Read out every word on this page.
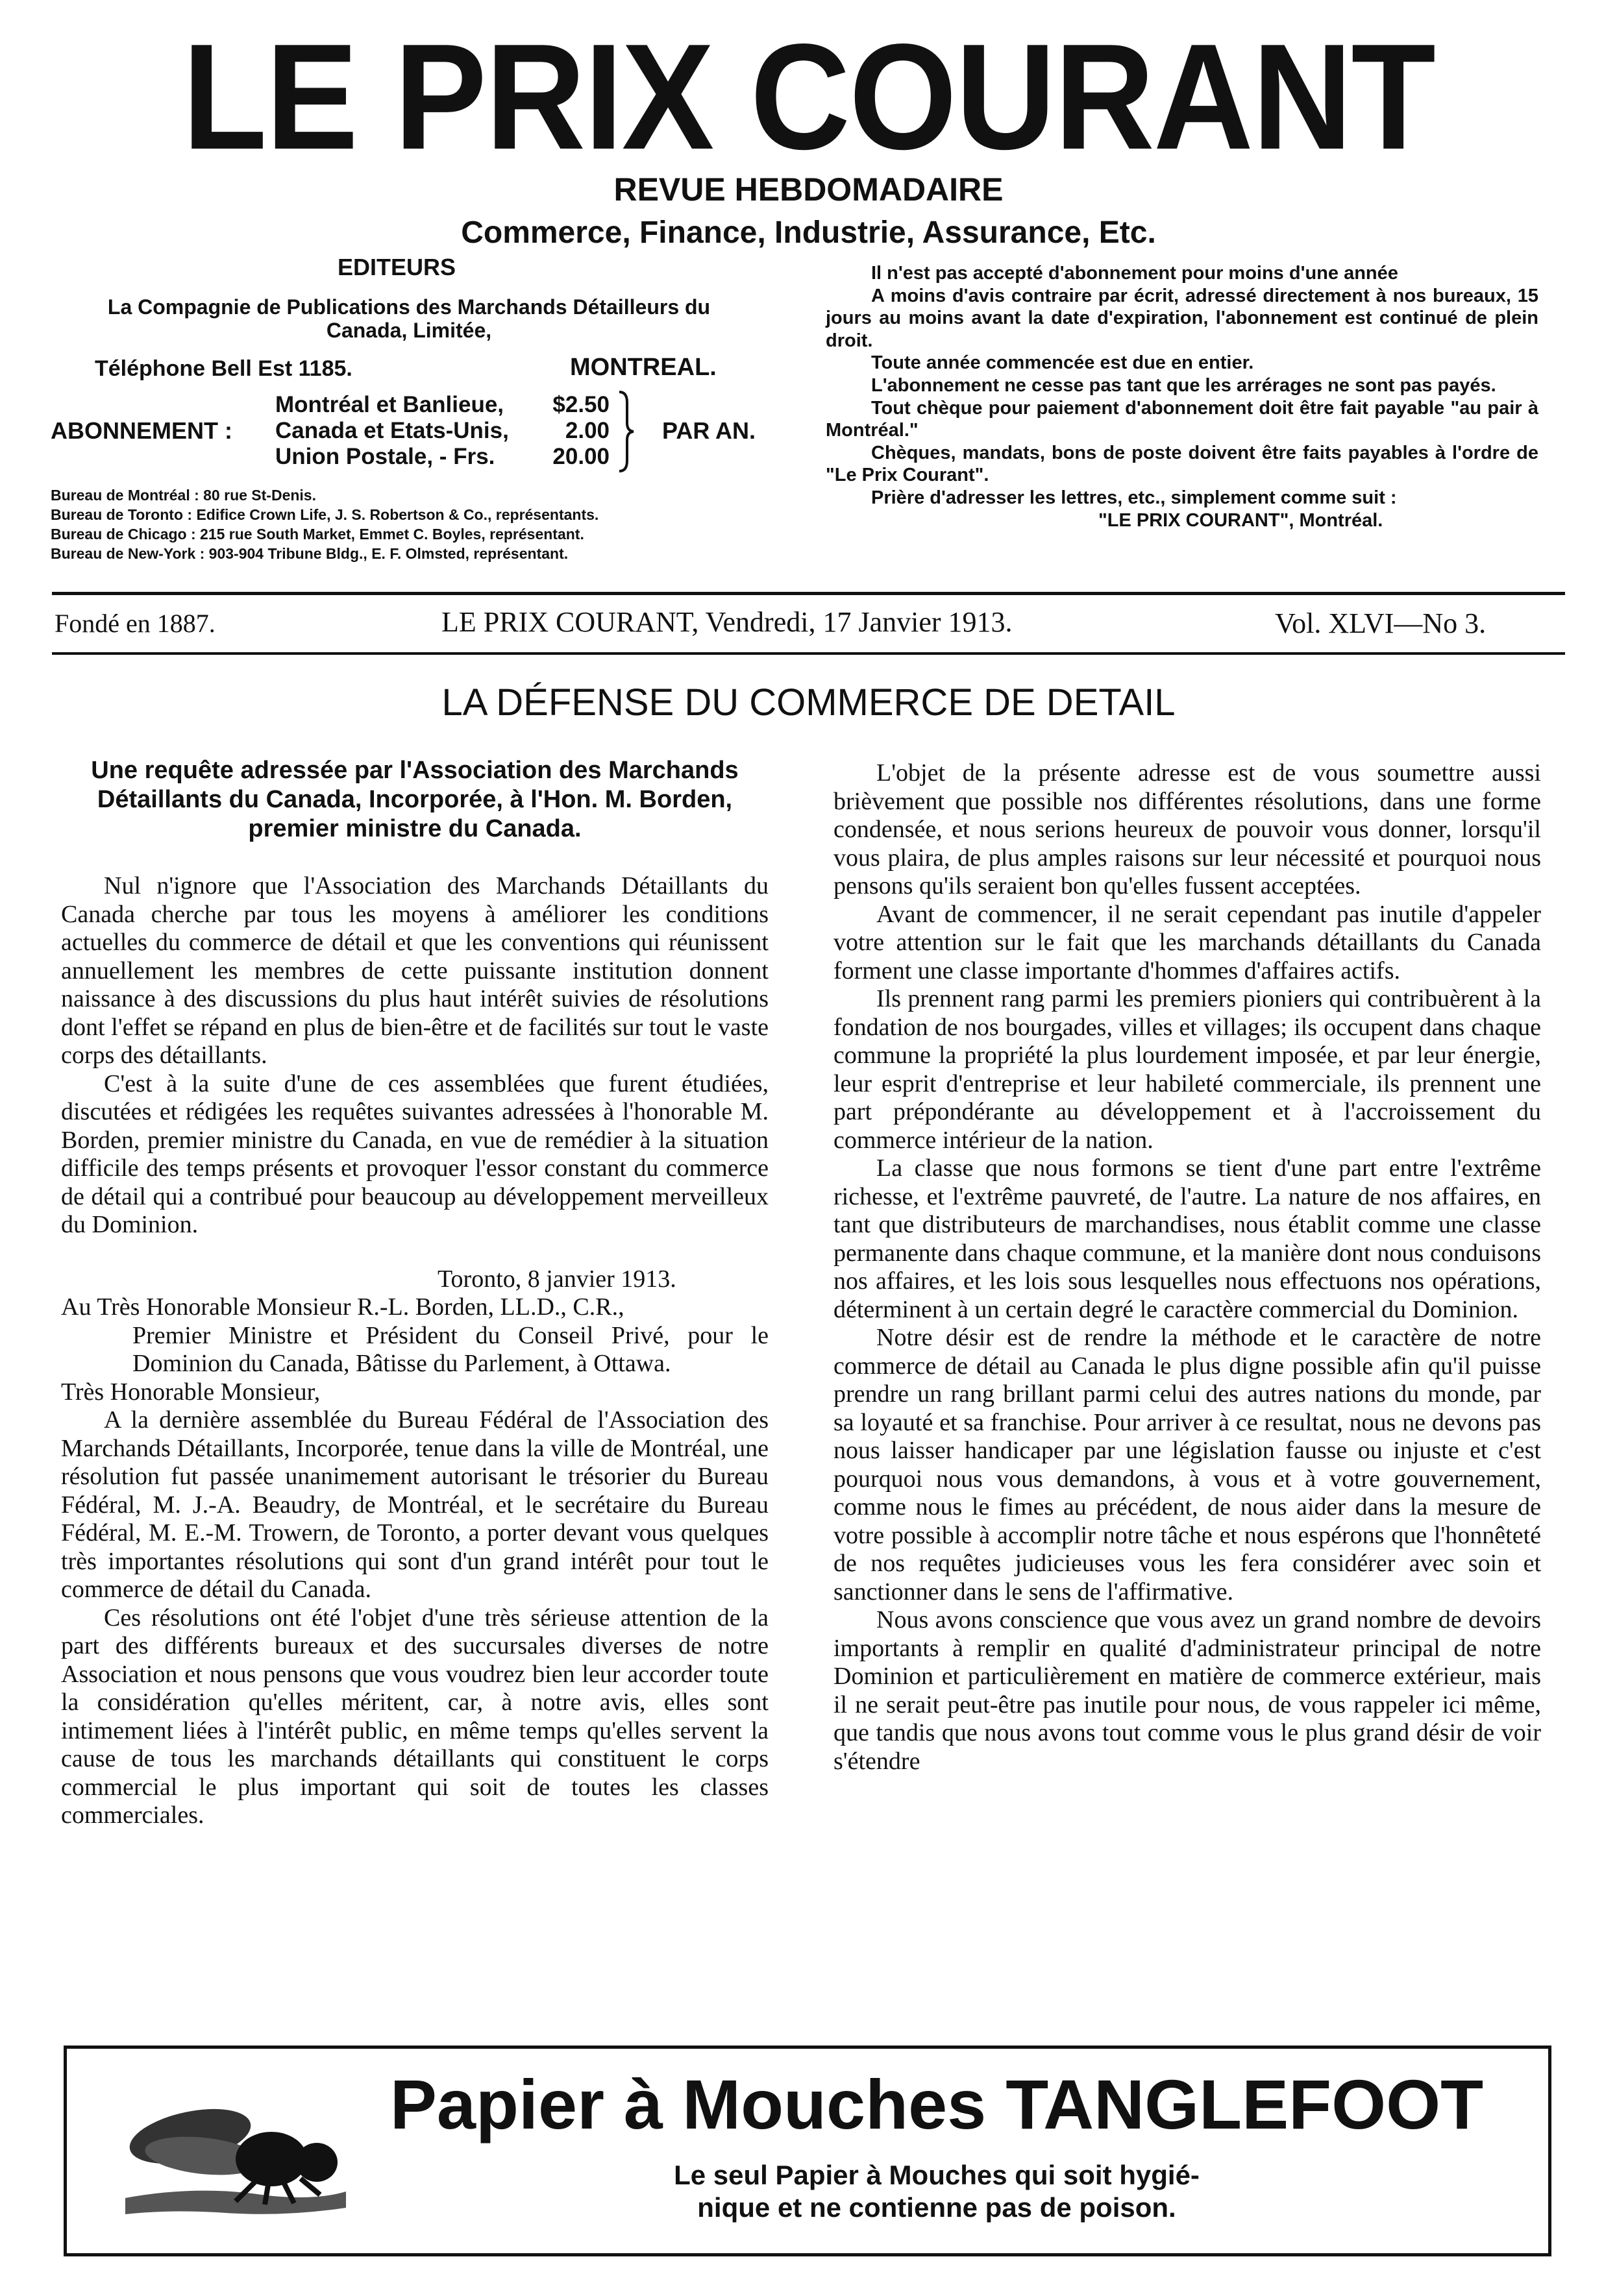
LE PRIX COURANT
REVUE HEBDOMADAIRE
Commerce, Finance, Industrie, Assurance, Etc.
EDITEURS
La Compagnie de Publications des Marchands Détailleurs du
Canada, Limitée,
Téléphone Bell Est 1185.	MONTREAL.
ABONNEMENT :
Montréal et Banlieue, $2.50
Canada et Etats-Unis, 2.00
Union Postale, - Frs.	20.00
PAR AN.
Bureau de Montréal : 80 rue St-Denis.
Bureau de Toronto : Edifice Crown Life, J. S. Robertson & Co., représentants.
Bureau de Chicago : 215 rue South Market, Emmet C. Boyles, représentant.
Bureau de New-York : 903-904 Tribune Bldg., E. F. Olmsted, représentant.
Il n'est pas accepté d'abonnement pour moins d'une année
A moins d'avis contraire par écrit, adressé directement à nos bureaux, 15 jours au moins avant la date d'expiration, l'abonnement est continué de plein droit.
Toute année commencée est due en entier.
L'abonnement ne cesse pas tant que les arrérages ne sont pas payés.
Tout chèque pour paiement d'abonnement doit être fait payable "au pair à Montréal."
Chèques, mandats, bons de poste doivent être faits payables à l'ordre de "Le Prix Courant".
Prière d'adresser les lettres, etc., simplement comme suit :
"LE PRIX COURANT", Montréal.
Fondé en 1887.	LE PRIX COURANT, Vendredi, 17 Janvier 1913.	Vol. XLVI—No 3.
LA DÉFENSE DU COMMERCE DE DETAIL
Une requête adressée par l'Association des Marchands Détaillants du Canada, Incorporée, à l'Hon. M. Borden, premier ministre du Canada.

Nul n'ignore que l'Association des Marchands Détaillants du Canada cherche par tous les moyens à améliorer les conditions actuelles du commerce de détail et que les conventions qui réunissent annuellement les membres de cette puissante institution donnent naissance à des discussions du plus haut intérêt suivies de résolutions dont l'effet se répand en plus de bien-être et de facilités sur tout le vaste corps des détaillants.

C'est à la suite d'une de ces assemblées que furent étudiées, discutées et rédigées les requêtes suivantes adressées à l'honorable M. Borden, premier ministre du Canada, en vue de remédier à la situation difficile des temps présents et provoquer l'essor constant du commerce de détail qui a contribué pour beaucoup au développement merveilleux du Dominion.

Toronto, 8 janvier 1913.

Au Très Honorable Monsieur R.-L. Borden, LL.D., C.R.,

Premier Ministre et Président du Conseil Privé, pour le Dominion du Canada, Bâtisse du Parlement, à Ottawa.

Très Honorable Monsieur,

A la dernière assemblée du Bureau Fédéral de l'Association des Marchands Détaillants, Incorporée, tenue dans la ville de Montréal, une résolution fut passée unanimement autorisant le trésorier du Bureau Fédéral, M. J.-A. Beaudry, de Montréal, et le secrétaire du Bureau Fédéral, M. E.-M. Trowern, de Toronto, a porter devant vous quelques très importantes résolutions qui sont d'un grand intérêt pour tout le commerce de détail du Canada.

Ces résolutions ont été l'objet d'une très sérieuse attention de la part des différents bureaux et des succursales diverses de notre Association et nous pensons que vous voudrez bien leur accorder toute la considération qu'elles méritent, car, à notre avis, elles sont intimement liées à l'intérêt public, en même temps qu'elles servent la cause de tous les marchands détaillants qui constituent le corps commercial le plus important qui soit de toutes les classes commerciales.

L'objet de la présente adresse est de vous soumettre aussi brièvement que possible nos différentes résolutions, dans une forme condensée, et nous serions heureux de pouvoir vous donner, lorsqu'il vous plaira, de plus amples raisons sur leur nécessité et pourquoi nous pensons qu'ils seraient bon qu'elles fussent acceptées.

Avant de commencer, il ne serait cependant pas inutile d'appeler votre attention sur le fait que les marchands détaillants du Canada forment une classe importante d'hommes d'affaires actifs.

Ils prennent rang parmi les premiers pioniers qui contribuèrent à la fondation de nos bourgades, villes et villages; ils occupent dans chaque commune la propriété la plus lourdement imposée, et par leur énergie, leur esprit d'entreprise et leur habileté commerciale, ils prennent une part prépondérante au développement et à l'accroissement du commerce intérieur de la nation.

La classe que nous formons se tient d'une part entre l'extrême richesse, et l'extrême pauvreté, de l'autre. La nature de nos affaires, en tant que distributeurs de marchandises, nous établit comme une classe permanente dans chaque commune, et la manière dont nous conduisons nos affaires, et les lois sous lesquelles nous effectuons nos opérations, déterminent à un certain degré le caractère commercial du Dominion.

Notre désir est de rendre la méthode et le caractère de notre commerce de détail au Canada le plus digne possible afin qu'il puisse prendre un rang brillant parmi celui des autres nations du monde, par sa loyauté et sa franchise. Pour arriver à ce resultat, nous ne devons pas nous laisser handicaper par une législation fausse ou injuste et c'est pourquoi nous vous demandons, à vous et à votre gouvernement, comme nous le fimes au précédent, de nous aider dans la mesure de votre possible à accomplir notre tâche et nous espérons que l'honnêteté de nos requêtes judicieuses vous les fera considérer avec soin et sanctionner dans le sens de l'affirmative.

Nous avons conscience que vous avez un grand nombre de devoirs importants à remplir en qualité d'administrateur principal de notre Dominion et particulièrement en matière de commerce extérieur, mais il ne serait peut-être pas inutile pour nous, de vous rappeler ici même, que tandis que nous avons tout comme vous le plus grand désir de voir s'étendre

Papier à Mouches TANGLEFOOT
Le seul Papier à Mouches qui soit hygié-
nique et ne contienne pas de poison.
